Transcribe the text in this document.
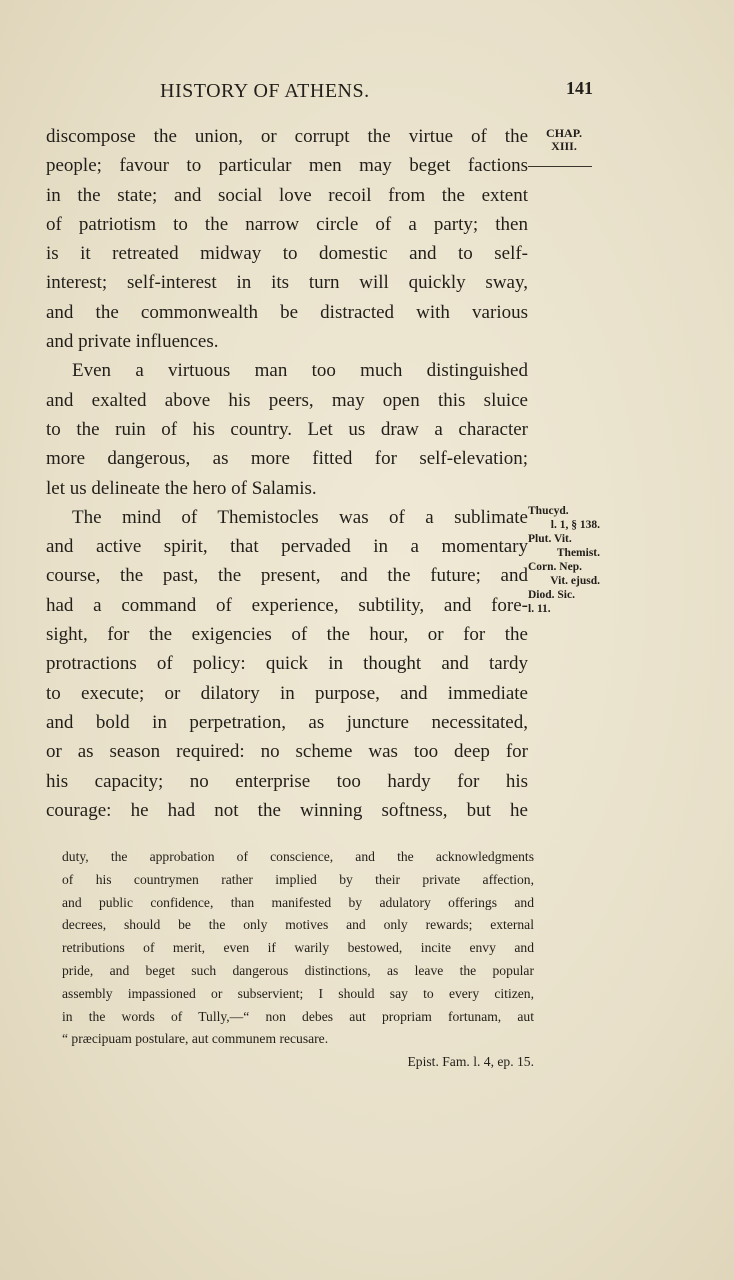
HISTORY OF ATHENS.	141
CHAP.
XIII.
Thucyd.
l. 1, § 138.
Plut. Vit.
Themist.
Corn. Nep.
Vit. ejusd.
Diod. Sic.
l. 11.
discompose the union, or corrupt the virtue of the
people; favour to particular men may beget factions
in the state; and social love recoil from the extent
of patriotism to the narrow circle of a party; then
is it retreated midway to domestic and to self-
interest; self-interest in its turn will quickly sway,
and the commonwealth be distracted with various
and private influences.
Even a virtuous man too much distinguished
and exalted above his peers, may open this sluice
to the ruin of his country. Let us draw a character
more dangerous, as more fitted for self-elevation;
let us delineate the hero of Salamis.
The mind of Themistocles was of a sublimate
and active spirit, that pervaded in a momentary
course, the past, the present, and the future; and
had a command of experience, subtility, and fore-
sight, for the exigencies of the hour, or for the
protractions of policy: quick in thought and tardy
to execute; or dilatory in purpose, and immediate
and bold in perpetration, as juncture necessitated,
or as season required: no scheme was too deep for
his capacity; no enterprise too hardy for his
courage: he had not the winning softness, but he
duty, the approbation of conscience, and the acknowledgments
of his countrymen rather implied by their private affection,
and public confidence, than manifested by adulatory offerings and
decrees, should be the only motives and only rewards; external
retributions of merit, even if warily bestowed, incite envy and
pride, and beget such dangerous distinctions, as leave the popular
assembly impassioned or subservient; I should say to every citizen,
in the words of Tully,—“ non debes aut propriam fortunam, aut
“ præcipuam postulare, aut communem recusare.
Epist. Fam. l. 4, ep. 15.
